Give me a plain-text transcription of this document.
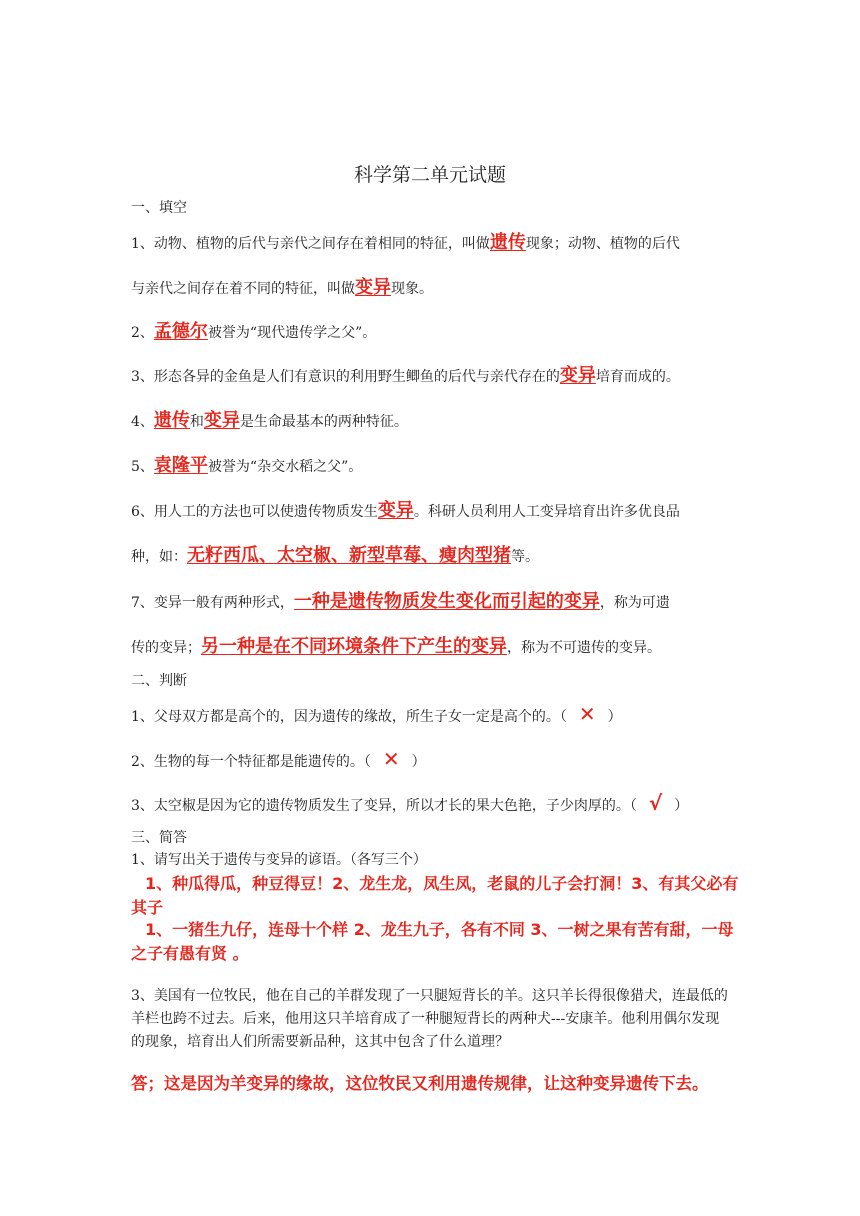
科学第二单元试题
一、填空
1、动物、植物的后代与亲代之间存在着相同的特征，叫做遗传现象；动物、植物的后代
与亲代之间存在着不同的特征，叫做变异现象。
2、孟德尔被誉为“现代遗传学之父”。
3、形态各异的金鱼是人们有意识的利用野生鲫鱼的后代与亲代存在的变异培育而成的。
4、遗传和变异是生命最基本的两种特征。
5、袁隆平被誉为“杂交水稻之父”。
6、用人工的方法也可以使遗传物质发生变异。科研人员利用人工变异培育出许多优良品
种，如：无籽西瓜、太空椒、新型草莓、瘦肉型猪等。
7、变异一般有两种形式，一种是遗传物质发生变化而引起的变异，称为可遗
传的变异；另一种是在不同环境条件下产生的变异，称为不可遗传的变异。
二、判断
1、父母双方都是高个的，因为遗传的缘故，所生子女一定是高个的。（ ✕ ）
2、生物的每一个特征都是能遗传的。（ ✕ ）
3、太空椒是因为它的遗传物质发生了变异，所以才长的果大色艳，子少肉厚的。（ √ ）
三、简答
1、请写出关于遗传与变异的谚语。（各写三个）
1、种瓜得瓜，种豆得豆！2、龙生龙，凤生凤，老鼠的儿子会打洞！3、有其父必有其子
1、一猪生九仔，连母十个样 2、龙生九子，各有不同 3、一树之果有苦有甜，一母之子有愚有贤 。
3、美国有一位牧民，他在自己的羊群发现了一只腿短背长的羊。这只羊长得很像猎犬，连最低的羊栏也跨不过去。后来，他用这只羊培育成了一种腿短背长的两种犬---安康羊。他利用偶尔发现的现象，培育出人们所需要新品种，这其中包含了什么道理？
答；这是因为羊变异的缘故，这位牧民又利用遗传规律，让这种变异遗传下去。
